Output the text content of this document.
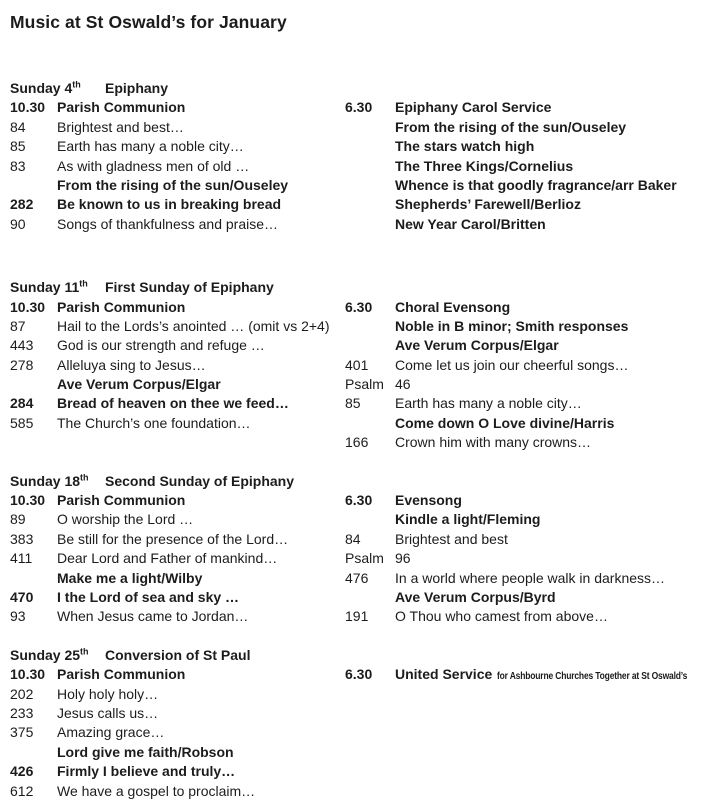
Music at St Oswald’s for January
Sunday 4th	Epiphany
10.30 Parish Communion
84	Brightest and best…
85	Earth has many a noble city…
83	As with gladness men of old …
From the rising of the sun/Ouseley
282	Be known to us in breaking bread
90	Songs of thankfulness and praise…
6.30	Epiphany Carol Service
From the rising of the sun/Ouseley
The stars watch high
The Three Kings/Cornelius
Whence is that goodly fragrance/arr Baker
Shepherds’ Farewell/Berlioz
New Year Carol/Britten
Sunday 11th	First Sunday of Epiphany
10.30 Parish Communion
87	Hail to the Lords’s anointed … (omit vs 2+4)
443	God is our strength and refuge …
278	Alleluya sing to Jesus…
Ave Verum Corpus/Elgar
284	Bread of heaven on thee we feed…
585	The Church’s one foundation…
6.30	Choral Evensong
Noble in B minor; Smith responses
Ave Verum Corpus/Elgar
401	Come let us join our cheerful songs…
Psalm 46
85	Earth has many a noble city…
Come down O Love divine/Harris
166	Crown him with many crowns…
Sunday 18th	Second Sunday of Epiphany
10.30 Parish Communion
89	O worship the Lord …
383	Be still for the presence of the Lord…
411	Dear Lord and Father of mankind…
Make me a light/Wilby
470	I the Lord of sea and sky …
93	When Jesus came to Jordan…
6.30	Evensong
Kindle a light/Fleming
84	Brightest and best
Psalm 96
476	In a world where people walk in darkness…
Ave Verum Corpus/Byrd
191	O Thou who camest from above…
Sunday 25th	Conversion of St Paul
10.30 Parish Communion
202	Holy holy holy…
233	Jesus calls us…
375	Amazing grace…
Lord give me faith/Robson
426	Firmly I believe and truly…
612	We have a gospel to proclaim…
6.30	United Service for Ashbourne Churches Together at St Oswald’s
